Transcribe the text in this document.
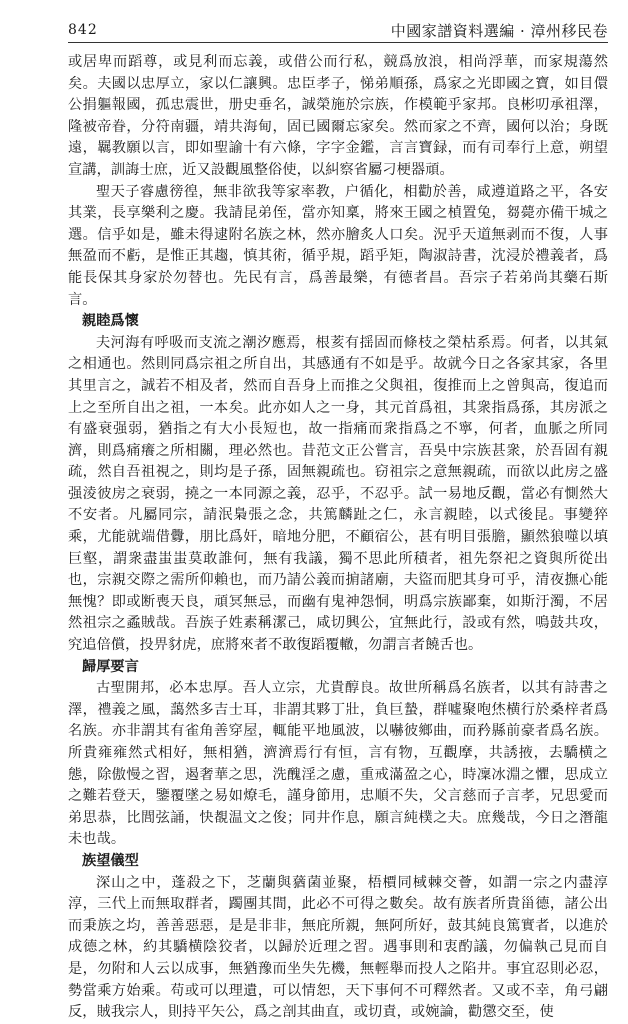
842	中國家譜資料選編 · 漳州移民卷

或居卑而蹈尊，或見利而忘義，或借公而行私，競爲放浪，相尚浮華，而家規蕩然矣。夫國以忠厚立，家以仁讓興。忠臣孝子，悌弟順孫，爲家之光即國之寶，如目儇公捐軀報國，孤忠震世，册史垂名，誠榮施於宗族，作模範乎家邦。良彬叨承祖澤，隆被帝眷，分符南疆，靖共海甸，固已國爾忘家矣。然而家之不齊，國何以治；身既遠，羈教願以言，即如聖諭十有六條，字字金鑑，言言寶録，而有司奉行上意，朔望宣講，訓誨士庶，近又設觀風整俗使，以糾察省屬刁梗器頑。

聖天子睿慮徬徨，無非欲我等家率教，户循化，相勸於善，咸遵道路之平，各安其業，長享樂利之慶。我請昆弟侄，當亦知稟，將來王國之楨置兔，芻薨亦備干城之選。信乎如是，雖未得逮附名族之林，然亦膾炙人口矣。況乎天道無剥而不復，人事無盈而不虧，是惟正其趨，慎其術，循乎規，蹈乎矩，陶淑詩書，沈浸於禮義者，爲能長保其身家於勿替也。先民有言，爲善最樂，有德者昌。吾宗子若弟尚其藥石斯言。

親睦爲懷

夫河海有呼吸而支流之潮汐應焉，根荄有揺固而條枝之榮枯系焉。何者，以其氣之相通也。然則同爲宗祖之所自出，其感通有不如是乎。故就今日之各家其家，各里其里言之，誠若不相及者，然而自吾身上而推之父與祖，復推而上之曾與高，復追而上之至所自出之祖，一本矣。此亦如人之一身，其元首爲祖，其衆指爲孫，其房派之有盛衰强弱，猶指之有大小長短也，故一指痛而衆指爲之不寧，何者，血脈之所同濟，則爲痛癢之所相關，理必然也。昔范文正公嘗言，吾吳中宗族甚衆，於吾固有親疏，然自吾祖視之，則均是子孫，固無親疏也。窃祖宗之意無親疏，而欲以此房之盛强淩彼房之衰弱，撓之一本同源之義，忍乎，不忍乎。試一易地反觀，當必有惻然大不安者。凡屬同宗，請泯梟張之念，共篤麟趾之仁，永言親睦，以式後昆。事變猝乘，尤能就端借釁，朋比爲奸，暗地分肥，不顧宿公，甚有明目張膽，顯然狼噬以填巨壑，謂衆盡蚩蚩莫敢誰何，無有我議，獨不思此所積者，祖先祭祀之資與所從出也，宗親交際之需所仰賴也，而乃請公義而掮諸廟，夫盜而肥其身可乎，清夜撫心能無愧？即或断喪天良，頑冥無忌，而幽有鬼神怨恫，明爲宗族鄙棄，如斯汙濁，不居然祖宗之蟊賊哉。吾族子姓素稱潔己，咸切興公，宜無此行，設或有然，鳴鼓共攻，究追倍償，投畀豺虎，庶將來者不敢復蹈覆轍，勿謂言者饒舌也。

歸厚要言

古聖開邦，必本忠厚。吾人立宗，尤貴醇良。故世所稱爲名族者，以其有詩書之澤，禮義之風，藹然多吉士耳，非謂其夥丁壯，負巨蟄，群噓聚咆烋横行於桑梓者爲名族。亦非謂其有雀角善穿屋，輒能平地風波，以嚇彼鄉曲，而矜縣前豪者爲名族。所貴雍雍然式相好，無相猶，濟濟焉行有恒，言有物，互觀摩，共誘掖，去驕横之態，除傲慢之習，遏奢華之思，洗醜淫之慮，重戒滿盈之心，時凜冰淵之懼，思成立之難若登天，鑒覆墜之易如燎毛，謹身節用，忠順不失，父言慈而子言孝，兄思愛而弟思恭，比閭弦誦，快覩温文之俊；同井作息，願言純樸之夫。庶幾哉，今日之潛龍未也哉。

族望儀型

深山之中，蓬殺之下，芝蘭與蕕菌並聚，梧檟同棫棘交薈，如謂一宗之内盡淳淳，三代上而無取群者，躅團其間，此必不可得之數矣。故有族者所貴甾德，諸公出而秉族之均，善善惡惡，是是非非，無庇所親，無阿所好，鼓其純良篤實者，以進於成德之林，約其驕横陰狡者，以歸於近理之習。遇事則和衷酌議，勿偏執己見而自是，勿附和人云以成事，無猶豫而坐失先機，無輕舉而投人之陷井。事宜忍則必忍，勢當乘方始乘。苟或可以理遺，可以情恕，天下事何不可釋然者。又或不幸，角弓翩反，賊我宗人，則持平矢公，爲之剖其曲直，或切責，或婉論，勸懲交至，使
